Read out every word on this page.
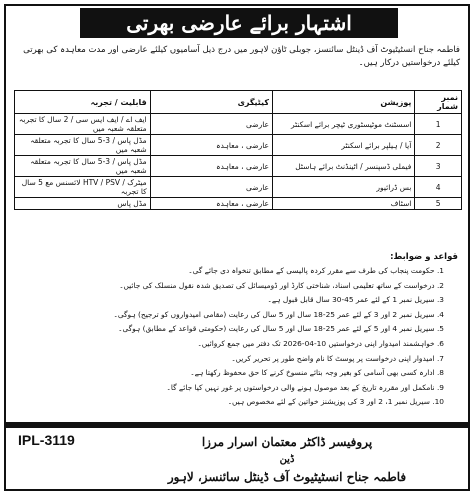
اشتہار برائے عارضی بھرتی
فاطمہ جناح انسٹیٹیوٹ آف ڈینٹل سائنسز، جوبلی ٹاؤن لاہور میں درج ذیل آسامیوں کیلئے عارضی اور مدت معاہدہ کی بھرتی کیلئے درخواستیں درکار ہیں۔
نمبر شمار	پوزیشن	کیٹیگری	قابلیت / تجربہ
1	اسسٹنٹ موٹیسٹوری ٹیچر برائے اسکنٹر	عارضی	ایف اے / ایف ایس سی / 2 سال کا تجربہ متعلقہ شعبہ میں
2	آیا / ہیلپر برائے اسکنٹر	عارضی ، معاہدہ	مڈل پاس / 3-5 سال کا تجربہ متعلقہ شعبہ میں
3	فیملی ڈسپنسر / اٹینڈنٹ برائے ہاسٹل	عارضی ، معاہدہ	مڈل پاس / 3-5 سال کا تجربہ متعلقہ شعبہ میں
4	بس ڈرائیور	عارضی	میٹرک / HTV / PSV لائسنس مع 5 سال کا تجربہ
5	اسٹاف	عارضی ، معاہدہ	مڈل پاس
قواعد و ضوابط:
1. حکومت پنجاب کی طرف سے مقرر کردہ پالیسی کے مطابق تنخواہ دی جائے گی۔
2. درخواست کے ساتھ تعلیمی اسناد، شناختی کارڈ اور ڈومیسائل کی تصدیق شدہ نقول منسلک کی جائیں۔
3. سیریل نمبر 1 کے لئے عمر 45-30 سال قابل قبول ہے۔
4. سیریل نمبر 2 اور 3 کے لئے عمر 25-18 سال اور 5 سال کی رعایت (مقامی امیدواروں کو ترجیح) ہوگی۔
5. سیریل نمبر 4 اور 5 کے لئے عمر 25-18 سال اور 5 سال کی رعایت (حکومتی قواعد کے مطابق) ہوگی۔
6. خواہشمند امیدوار اپنی درخواستیں 10-04-2026 تک دفتر میں جمع کروائیں۔
7. امیدوار اپنی درخواست پر پوسٹ کا نام واضح طور پر تحریر کریں۔
8. ادارہ کسی بھی آسامی کو بغیر وجہ بتائے منسوخ کرنے کا حق محفوظ رکھتا ہے۔
9. نامکمل اور مقررہ تاریخ کے بعد موصول ہونے والی درخواستوں پر غور نہیں کیا جائے گا۔
10. سیریل نمبر 1، 2 اور 3 کی پوزیشنز خواتین کے لئے مخصوص ہیں۔
IPL-3119	پروفیسر ڈاکٹر معتمان اسرار مرزا
ڈین
فاطمہ جناح انسٹیٹیوٹ آف ڈینٹل سائنسز، لاہور
